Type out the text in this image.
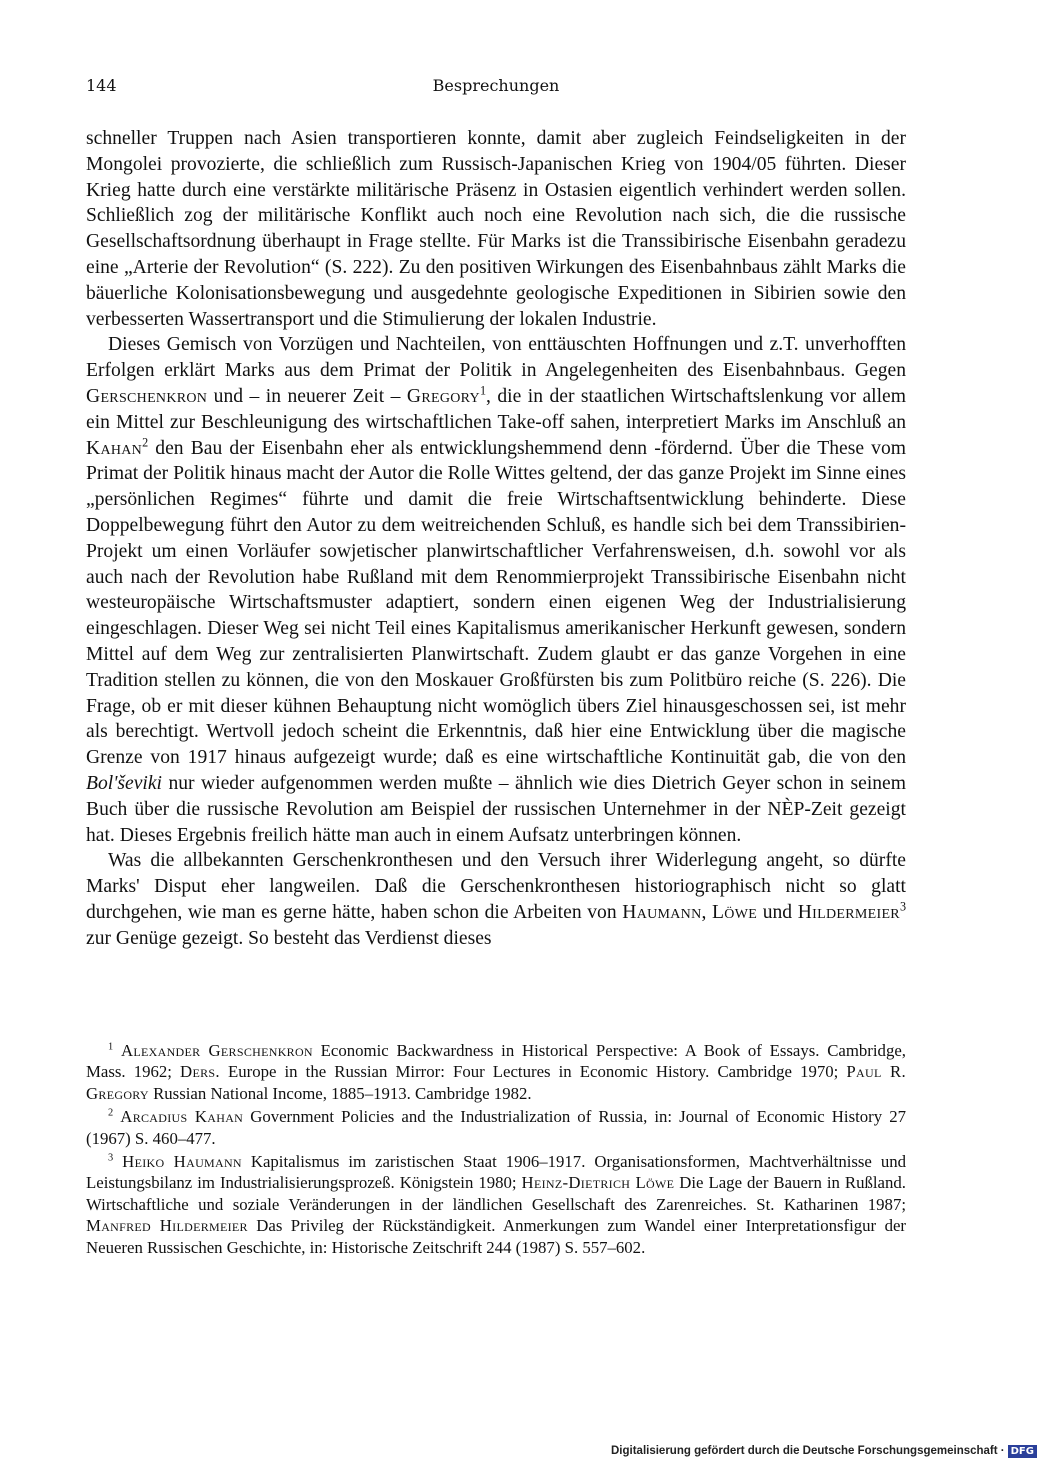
144	Besprechungen

schneller Truppen nach Asien transportieren konnte, damit aber zugleich Feindseligkeiten in der Mongolei provozierte, die schließlich zum Russisch-Japanischen Krieg von 1904/05 führten. Dieser Krieg hatte durch eine verstärkte militärische Präsenz in Ostasien eigentlich verhindert werden sollen. Schließlich zog der militärische Konflikt auch noch eine Revolution nach sich, die die russische Gesellschaftsordnung überhaupt in Frage stellte. Für Marks ist die Transsibirische Eisenbahn geradezu eine „Arterie der Revolution“ (S. 222). Zu den positiven Wirkungen des Eisenbahnbaus zählt Marks die bäuerliche Kolonisationsbewegung und ausgedehnte geologische Expeditionen in Sibirien sowie den verbesserten Wassertransport und die Stimulierung der lokalen Industrie.

Dieses Gemisch von Vorzügen und Nachteilen, von enttäuschten Hoffnungen und z.T. unverhofften Erfolgen erklärt Marks aus dem Primat der Politik in Angelegenheiten des Eisenbahnbaus. Gegen Gerschenkron und – in neuerer Zeit – Gregory$^1$, die in der staatlichen Wirtschaftslenkung vor allem ein Mittel zur Beschleunigung des wirtschaftlichen Take-off sahen, interpretiert Marks im Anschluß an Kahan$^2$ den Bau der Eisenbahn eher als entwicklungshemmend denn -fördernd. Über die These vom Primat der Politik hinaus macht der Autor die Rolle Wittes geltend, der das ganze Projekt im Sinne eines „persönlichen Regimes“ führte und damit die freie Wirtschaftsentwicklung behinderte. Diese Doppelbewegung führt den Autor zu dem weitreichenden Schluß, es handle sich bei dem Transsibirien-Projekt um einen Vorläufer sowjetischer planwirtschaftlicher Verfahrensweisen, d.h. sowohl vor als auch nach der Revolution habe Rußland mit dem Renommierprojekt Transsibirische Eisenbahn nicht westeuropäische Wirtschaftsmuster adaptiert, sondern einen eigenen Weg der Industrialisierung eingeschlagen. Dieser Weg sei nicht Teil eines Kapitalismus amerikanischer Herkunft gewesen, sondern Mittel auf dem Weg zur zentralisierten Planwirtschaft. Zudem glaubt er das ganze Vorgehen in eine Tradition stellen zu können, die von den Moskauer Großfürsten bis zum Politbüro reiche (S. 226). Die Frage, ob er mit dieser kühnen Behauptung nicht womöglich übers Ziel hinausgeschossen sei, ist mehr als berechtigt. Wertvoll jedoch scheint die Erkenntnis, daß hier eine Entwicklung über die magische Grenze von 1917 hinaus aufgezeigt wurde; daß es eine wirtschaftliche Kontinuität gab, die von den Bol'ševiki nur wieder aufgenommen werden mußte – ähnlich wie dies Dietrich Geyer schon in seinem Buch über die russische Revolution am Beispiel der russischen Unternehmer in der NÈP-Zeit gezeigt hat. Dieses Ergebnis freilich hätte man auch in einem Aufsatz unterbringen können.

Was die allbekannten Gerschenkronthesen und den Versuch ihrer Widerlegung angeht, so dürfte Marks' Disput eher langweilen. Daß die Gerschenkronthesen historiographisch nicht so glatt durchgehen, wie man es gerne hätte, haben schon die Arbeiten von Haumann, Löwe und Hildermeier$^3$ zur Genüge gezeigt. So besteht das Verdienst dieses

$^1$ Alexander Gerschenkron Economic Backwardness in Historical Perspective: A Book of Essays. Cambridge, Mass. 1962; Ders. Europe in the Russian Mirror: Four Lectures in Economic History. Cambridge 1970; Paul R. Gregory Russian National Income, 1885–1913. Cambridge 1982.

$^2$ Arcadius Kahan Government Policies and the Industrialization of Russia, in: Journal of Economic History 27 (1967) S. 460–477.

$^3$ Heiko Haumann Kapitalismus im zaristischen Staat 1906–1917. Organisationsformen, Machtverhältnisse und Leistungsbilanz im Industrialisierungsprozeß. Königstein 1980; Heinz-Dietrich Löwe Die Lage der Bauern in Rußland. Wirtschaftliche und soziale Veränderungen in der ländlichen Gesellschaft des Zarenreiches. St. Katharinen 1987; Manfred Hildermeier Das Privileg der Rückständigkeit. Anmerkungen zum Wandel einer Interpretationsfigur der Neueren Russischen Geschichte, in: Historische Zeitschrift 244 (1987) S. 557–602.

Digitalisierung gefördert durch die Deutsche Forschungsgemeinschaft · DFG
